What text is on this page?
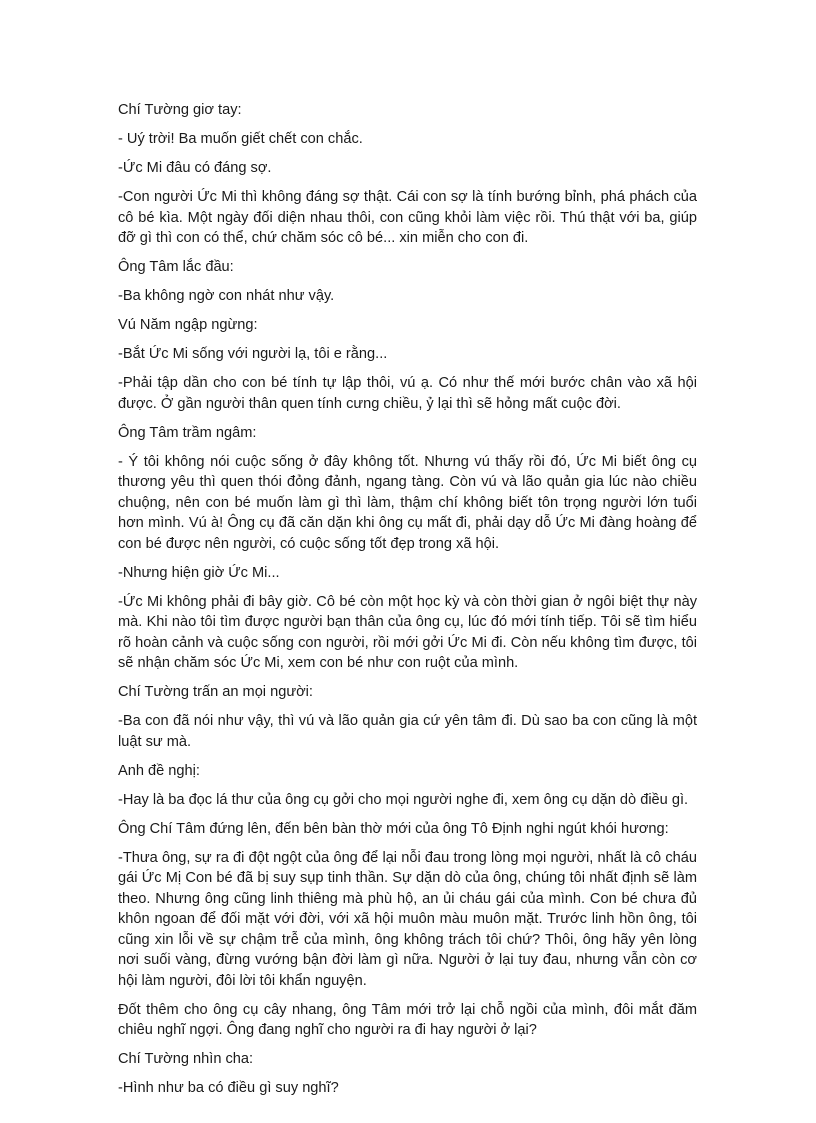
Chí Tường giơ tay:

- Uý trời! Ba muốn giết chết con chắc.

-Ức Mi đâu có đáng sợ.

-Con người Ức Mi thì không đáng sợ thật. Cái con sợ là tính bướng bỉnh, phá phách của cô bé kìa. Một ngày đối diện nhau thôi, con cũng khỏi làm việc rồi. Thú thật với ba, giúp đỡ gì thì con có thể, chứ chăm sóc cô bé... xin miễn cho con đi.

Ông Tâm lắc đầu:

-Ba không ngờ con nhát như vậy.

Vú Năm ngập ngừng:

-Bắt Ức Mi sống với người lạ, tôi e rằng...

-Phải tập dần cho con bé tính tự lập thôi, vú ạ. Có như thế mới bước chân vào xã hội được. Ở gần người thân quen tính cưng chiều, ỷ lại thì sẽ hỏng mất cuộc đời.

Ông Tâm trầm ngâm:

- Ý tôi không nói cuộc sống ở đây không tốt. Nhưng vú thấy rồi đó, Ức Mi biết ông cụ thương yêu thì quen thói đỏng đảnh, ngang tàng. Còn vú và lão quản gia lúc nào chiều chuộng, nên con bé muốn làm gì thì làm, thậm chí không biết tôn trọng người lớn tuổi hơn mình. Vú à! Ông cụ đã căn dặn khi ông cụ mất đi, phải dạy dỗ Ức Mi đàng hoàng để con bé được nên người, có cuộc sống tốt đẹp trong xã hội.

-Nhưng hiện giờ Ức Mi...

-Ức Mi không phải đi bây giờ. Cô bé còn một học kỳ và còn thời gian ở ngôi biệt thự này mà. Khi nào tôi tìm được người bạn thân của ông cụ, lúc đó mới tính tiếp. Tôi sẽ tìm hiểu rõ hoàn cảnh và cuộc sống con người, rồi mới gởi Ức Mi đi. Còn nếu không tìm được, tôi sẽ nhận chăm sóc Ức Mi, xem con bé như con ruột của mình.

Chí Tường trấn an mọi người:

-Ba con đã nói như vậy, thì vú và lão quản gia cứ yên tâm đi. Dù sao ba con cũng là một luật sư mà.

Anh đề nghị:

-Hay là ba đọc lá thư của ông cụ gởi cho mọi người nghe đi, xem ông cụ dặn dò điều gì.

Ông Chí Tâm đứng lên, đến bên bàn thờ mới của ông Tô Định nghi ngút khói hương:

-Thưa ông, sự ra đi đột ngột của ông để lại nỗi đau trong lòng mọi người, nhất là cô cháu gái Ức Mị Con bé đã bị suy sụp tinh thần. Sự dặn dò của ông, chúng tôi nhất định sẽ làm theo. Nhưng ông cũng linh thiêng mà phù hộ, an ủi cháu gái của mình. Con bé chưa đủ khôn ngoan để đối mặt với đời, với xã hội muôn màu muôn mặt. Trước linh hồn ông, tôi cũng xin lỗi về sự chậm trễ của mình, ông không trách tôi chứ? Thôi, ông hãy yên lòng nơi suối vàng, đừng vướng bận đời làm gì nữa. Người ở lại tuy đau, nhưng vẫn còn cơ hội làm người, đôi lời tôi khẩn nguyện.

Đốt thêm cho ông cụ cây nhang, ông Tâm mới trở lại chỗ ngồi của mình, đôi mắt đăm chiêu nghĩ ngợi. Ông đang nghĩ cho người ra đi hay người ở lại?

Chí Tường nhìn cha:

-Hình như ba có điều gì suy nghĩ?
